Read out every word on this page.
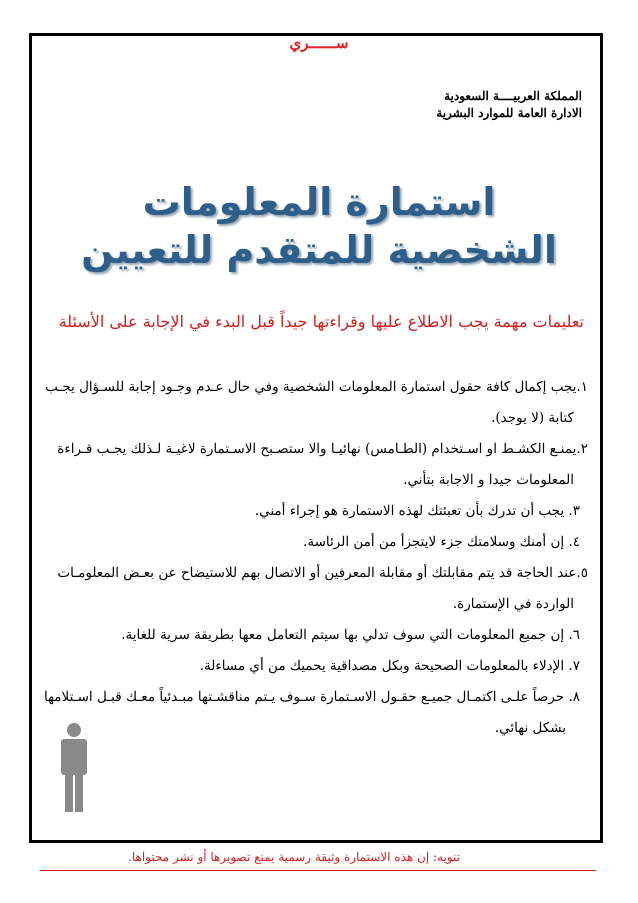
ســــــري
المملكة العربيــــة السعودية
الادارة العامة للموارد البشرية
استمارة المعلومات
الشخصية للمتقدم للتعيين
تعليمات مهمة يجب الاطلاع عليها وقراءتها جيداً قبل البدء في الإجابة على الأسئلة
١.يجب إكمال كافة حقول استمارة المعلومات الشخصية وفي حال عـدم وجـود إجابة للسـؤال يجـب
كتابة (لا يوجد).
٢.يمنـع الكشـط او اسـتخدام (الطـامس) نهائيـا والا ستصـبح الاسـتمارة لاغيـة لـذلك يجـب قـراءة
المعلومات جيدا و الاجابة بتأني.
٣. يجب أن تدرك بأن تعبئتك لهذه الاستمارة هو إجراء أمني.
٤. إن أمنك وسلامتك جزء لايتجزأ من أمن الرئاسة.
٥.عند الحاجة قد يتم مقابلتك أو مقابلة المعرفين أو الاتصال بهم للاستيضاح عن بعـض المعلومـات
الواردة في الإستمارة.
٦. إن جميع المعلومات التي سوف تدلي بها سيتم التعامل معها بطريقة سرية للغاية.
٧. الإدلاء بالمعلومات الصحيحة وبكل مصداقية يحميك من أي مساءلة.
٨. حرصاً علـى اكتمـال جميـع حقـول الاسـتمارة سـوف يـتم مناقشـتها مبـدئياً معـك قبـل اسـتلامها
بشكل نهائي.
تنويه: إن هذه الاستمارة وثيقة رسمية يمنع تصويرها أو نشر محتواها.
